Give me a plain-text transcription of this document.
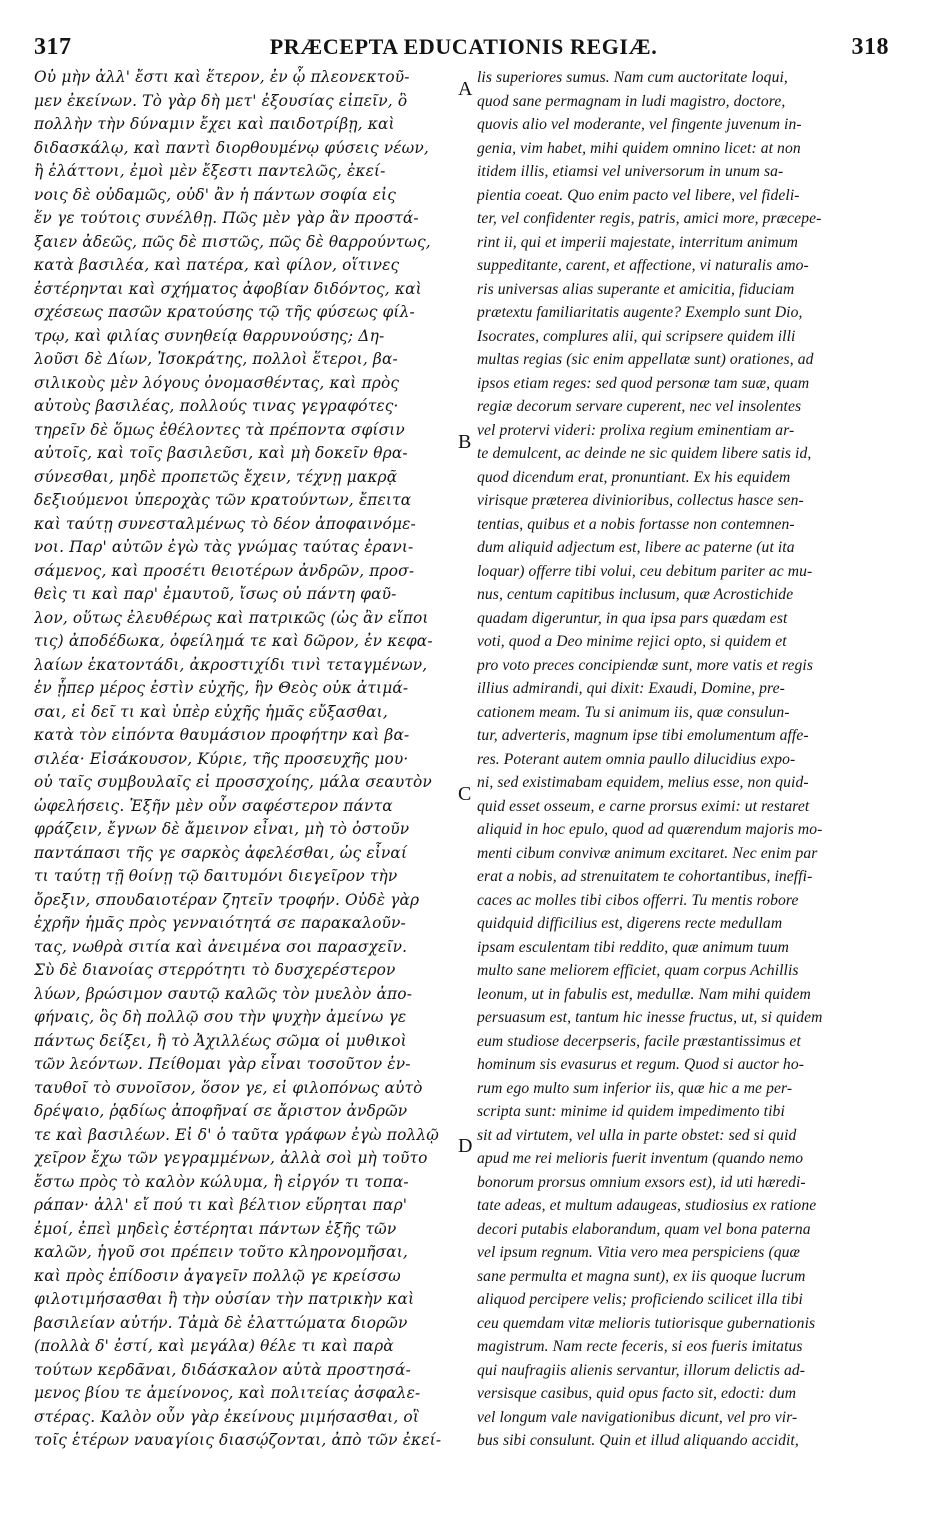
317	PRÆCEPTA EDUCATIONIS REGIÆ.	318
Οὐ μὴν ἀλλ' ἔστι καὶ ἕτερον, ἐν ᾧ πλεονεκτοῦ-
μεν ἐκείνων. Τὸ γὰρ δὴ μετ' ἐξουσίας εἰπεῖν, ὃ
πολλὴν τὴν δύναμιν ἔχει καὶ παιδοτρίβῃ, καὶ
διδασκάλῳ, καὶ παντὶ διορθουμένῳ φύσεις νέων,
ἢ ἐλάττονι, ἐμοὶ μὲν ἔξεστι παντελῶς, ἐκεί-
νοις δὲ οὐδαμῶς, οὐδ' ἂν ἡ πάντων σοφία εἰς
ἕν γε τούτοις συνέλθῃ. Πῶς μὲν γὰρ ἂν προστά-
ξαιεν ἀδεῶς, πῶς δὲ πιστῶς, πῶς δὲ θαρρούντως,
κατὰ βασιλέα, καὶ πατέρα, καὶ φίλον, οἵτινες
ἐστέρηνται καὶ σχήματος ἀφοβίαν διδόντος, καὶ
σχέσεως πασῶν κρατούσης τῷ τῆς φύσεως φίλ-
τρῳ, καὶ φιλίας συνηθείᾳ θαρρυνούσης; Δη-
λοῦσι δὲ Δίων, Ἰσοκράτης, πολλοὶ ἕτεροι, βα-
σιλικοὺς μὲν λόγους ὀνομασθέντας, καὶ πρὸς
αὐτοὺς βασιλέας, πολλούς τινας γεγραφότες·
τηρεῖν δὲ ὅμως ἐθέλοντες τὰ πρέποντα σφίσιν
αὐτοῖς, καὶ τοῖς βασιλεῦσι, καὶ μὴ δοκεῖν θρα-
σύνεσθαι, μηδὲ προπετῶς ἔχειν, τέχνῃ μακρᾷ
δεξιούμενοι ὑπεροχὰς τῶν κρατούντων, ἔπειτα
καὶ ταύτῃ συνεσταλμένως τὸ δέον ἀποφαινόμε-
νοι. Παρ' αὐτῶν ἐγὼ τὰς γνώμας ταύτας ἐρανι-
σάμενος, καὶ προσέτι θειοτέρων ἀνδρῶν, προσ-
θεὶς τι καὶ παρ' ἐμαυτοῦ, ἴσως οὐ πάντη φαῦ-
λον, οὕτως ἐλευθέρως καὶ πατρικῶς (ὡς ἂν εἴποι
τις) ἀποδέδωκα, ὀφείλημά τε καὶ δῶρον, ἐν κεφα-
λαίων ἑκατοντάδι, ἀκροστιχίδι τινὶ τεταγμένων,
ἐν ᾗπερ μέρος ἐστὶν εὐχῆς, ἣν Θεὸς οὐκ ἀτιμά-
σαι, εἰ δεῖ τι καὶ ὑπὲρ εὐχῆς ἡμᾶς εὔξασθαι,
κατὰ τὸν εἰπόντα θαυμάσιον προφήτην καὶ βα-
σιλέα· Εἰσάκουσον, Κύριε, τῆς προσευχῆς μου·
οὐ ταῖς συμβουλαῖς εἰ προσσχοίης, μάλα σεαυτὸν
ὠφελήσεις. Ἐξῆν μὲν οὖν σαφέστερον πάντα
φράζειν, ἔγνων δὲ ἄμεινον εἶναι, μὴ τὸ ὀστοῦν
παντάπασι τῆς γε σαρκὸς ἀφελέσθαι, ὡς εἶναί
τι ταύτῃ τῇ θοίνῃ τῷ δαιτυμόνι διεγεῖρον τὴν
ὄρεξιν, σπουδαιοτέραν ζητεῖν τροφήν. Οὐδὲ γὰρ
ἐχρῆν ἡμᾶς πρὸς γενναιότητά σε παρακαλοῦν-
τας, νωθρὰ σιτία καὶ ἀνειμένα σοι παρασχεῖν.
Σὺ δὲ διανοίας στερρότητι τὸ δυσχερέστερον
λύων, βρώσιμον σαυτῷ καλῶς τὸν μυελὸν ἀπο-
φήναις, ὃς δὴ πολλῷ σου τὴν ψυχὴν ἀμείνω γε
πάντως δείξει, ἢ τὸ Ἀχιλλέως σῶμα οἱ μυθικοὶ
τῶν λεόντων. Πείθομαι γὰρ εἶναι τοσοῦτον ἐν-
ταυθοῖ τὸ συνοῖσον, ὅσον γε, εἰ φιλοπόνως αὐτὸ
δρέψαιο, ῥᾳδίως ἀποφῆναί σε ἄριστον ἀνδρῶν
τε καὶ βασιλέων. Εἰ δ' ὁ ταῦτα γράφων ἐγὼ πολλῷ
χεῖρον ἔχω τῶν γεγραμμένων, ἀλλὰ σοὶ μὴ τοῦτο
ἔστω πρὸς τὸ καλὸν κώλυμα, ἢ εἰργόν τι τοπα-
ράπαν· ἀλλ' εἴ πού τι καὶ βέλτιον εὕρηται παρ'
ἐμοί, ἐπεὶ μηδεὶς ἐστέρηται πάντων ἑξῆς τῶν
καλῶν, ἡγοῦ σοι πρέπειν τοῦτο κληρονομῆσαι,
καὶ πρὸς ἐπίδοσιν ἀγαγεῖν πολλῷ γε κρείσσω
φιλοτιμήσασθαι ἢ τὴν οὐσίαν τὴν πατρικὴν καὶ
βασιλείαν αὐτήν. Τἀμὰ δὲ ἐλαττώματα διορῶν
(πολλὰ δ' ἐστί, καὶ μεγάλα) θέλε τι καὶ παρὰ
τούτων κερδᾶναι, διδάσκαλον αὐτὰ προστησά-
μενος βίου τε ἀμείνονος, καὶ πολιτείας ἀσφαλε-
στέρας. Καλὸν οὖν γὰρ ἐκείνους μιμήσασθαι, οἳ
τοῖς ἑτέρων ναυαγίοις διασῴζονται, ἀπὸ τῶν ἐκεί-
lis superiores sumus. Nam cum auctoritate loqui,
quod sane permagnam in ludi magistro, doctore,
quovis alio vel moderante, vel fingente juvenum in-
genia, vim habet, mihi quidem omnino licet: at non
itidem illis, etiamsi vel universorum in unum sa-
pientia coeat. Quo enim pacto vel libere, vel fideli-
ter, vel confidenter regis, patris, amici more, præcepe-
rint ii, qui et imperii majestate, interritum animum
suppeditante, carent, et affectione, vi naturalis amo-
ris universas alias superante et amicitia, fiduciam
prætextu familiaritatis augente? Exemplo sunt Dio,
Isocrates, complures alii, qui scripsere quidem illi
multas regias (sic enim appellatæ sunt) orationes, ad
ipsos etiam reges: sed quod personæ tam suæ, quam
regiæ decorum servare cuperent, nec vel insolentes
vel protervi videri: prolixa regium eminentiam ar-
te demulcent, ac deinde ne sic quidem libere satis id,
quod dicendum erat, pronuntiant. Ex his equidem
virisque præterea divinioribus, collectus hasce sen-
tentias, quibus et a nobis fortasse non contemnen-
dum aliquid adjectum est, libere ac paterne (ut ita
loquar) offerre tibi volui, ceu debitum pariter ac mu-
nus, centum capitibus inclusum, quæ Acrostichide
quadam digeruntur, in qua ipsa pars quædam est
voti, quod a Deo minime rejici opto, si quidem et
pro voto preces concipiendæ sunt, more vatis et regis
illius admirandi, qui dixit: Exaudi, Domine, pre-
cationem meam. Tu si animum iis, quæ consulun-
tur, adverteris, magnum ipse tibi emolumentum affe-
res. Poterant autem omnia paullo dilucidius expo-
ni, sed existimabam equidem, melius esse, non quid-
quid esset osseum, e carne prorsus eximi: ut restaret
aliquid in hoc epulo, quod ad quærendum majoris mo-
menti cibum convivæ animum excitaret. Nec enim par
erat a nobis, ad strenuitatem te cohortantibus, ineffi-
caces ac molles tibi cibos offerri. Tu mentis robore
quidquid difficilius est, digerens recte medullam
ipsam esculentam tibi reddito, quæ animum tuum
multo sane meliorem efficiet, quam corpus Achillis
leonum, ut in fabulis est, medullæ. Nam mihi quidem
persuasum est, tantum hic inesse fructus, ut, si quidem
eum studiose decerpseris, facile præstantissimus et
hominum sis evasurus et regum. Quod si auctor ho-
rum ego multo sum inferior iis, quæ hic a me per-
scripta sunt: minime id quidem impedimento tibi
sit ad virtutem, vel ulla in parte obstet: sed si quid
apud me rei melioris fuerit inventum (quando nemo
bonorum prorsus omnium exsors est), id uti hæredi-
tate adeas, et multum adaugeas, studiosius ex ratione
decori putabis elaborandum, quam vel bona paterna
vel ipsum regnum. Vitia vero mea perspiciens (quæ
sane permulta et magna sunt), ex iis quoque lucrum
aliquod percipere velis; proficiendo scilicet illa tibi
ceu quemdam vitæ melioris tutiorisque gubernationis
magistrum. Nam recte feceris, si eos fueris imitatus
qui naufragiis alienis servantur, illorum delictis ad-
versisque casibus, quid opus facto sit, edocti: dum
vel longum vale navigationibus dicunt, vel pro vir-
bus sibi consulunt. Quin et illud aliquando accidit,
A
B
C
D
